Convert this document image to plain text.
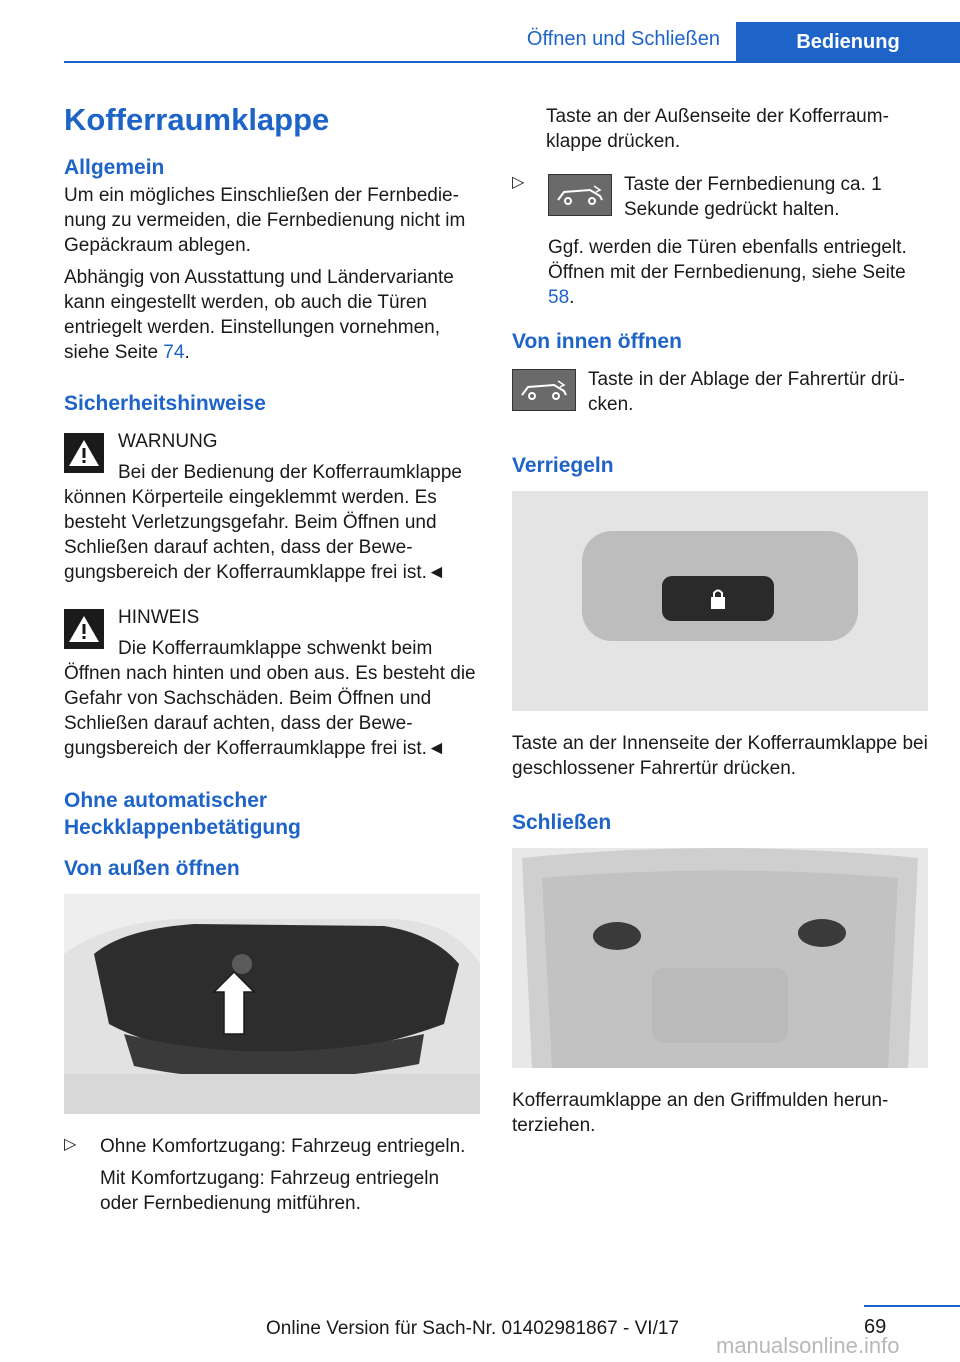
Öffnen und Schließen	Bedienung
Kofferraumklappe
Allgemein

Um ein mögliches Einschließen der Fernbedienung zu vermeiden, die Fernbedienung nicht im Gepäckraum ablegen.

Abhängig von Ausstattung und Ländervariante kann eingestellt werden, ob auch die Türen entriegelt werden. Einstellungen vornehmen, siehe Seite 74.

Sicherheitshinweise
WARNUNG

Bei der Bedienung der Kofferraumklappe können Körperteile eingeklemmt werden. Es besteht Verletzungsgefahr. Beim Öffnen und Schließen darauf achten, dass der Bewegungsbereich der Kofferraumklappe frei ist.◄

HINWEIS

Die Kofferraumklappe schwenkt beim Öffnen nach hinten und oben aus. Es besteht die Gefahr von Sachschäden. Beim Öffnen und Schließen darauf achten, dass der Bewegungsbereich der Kofferraumklappe frei ist.◄

Ohne automatischer Heckklappenbetätigung
Von außen öffnen
▷ Ohne Komfortzugang: Fahrzeug entriegeln.

Mit Komfortzugang: Fahrzeug entriegeln oder Fernbedienung mitführen.

Taste an der Außenseite der Kofferraumklappe drücken.

▷	Taste der Fernbedienung ca. 1 Sekunde gedrückt halten.

Ggf. werden die Türen ebenfalls entriegelt. Öffnen mit der Fernbedienung, siehe Seite 58.

Von innen öffnen

Taste in der Ablage der Fahrertür drücken.

Verriegeln

Taste an der Innenseite der Kofferraumklappe bei geschlossener Fahrertür drücken.

Schließen

Kofferraumklappe an den Griffmulden herunterziehen.

69
Online Version für Sach-Nr. 01402981867 - VI/17
manualsonline.info
